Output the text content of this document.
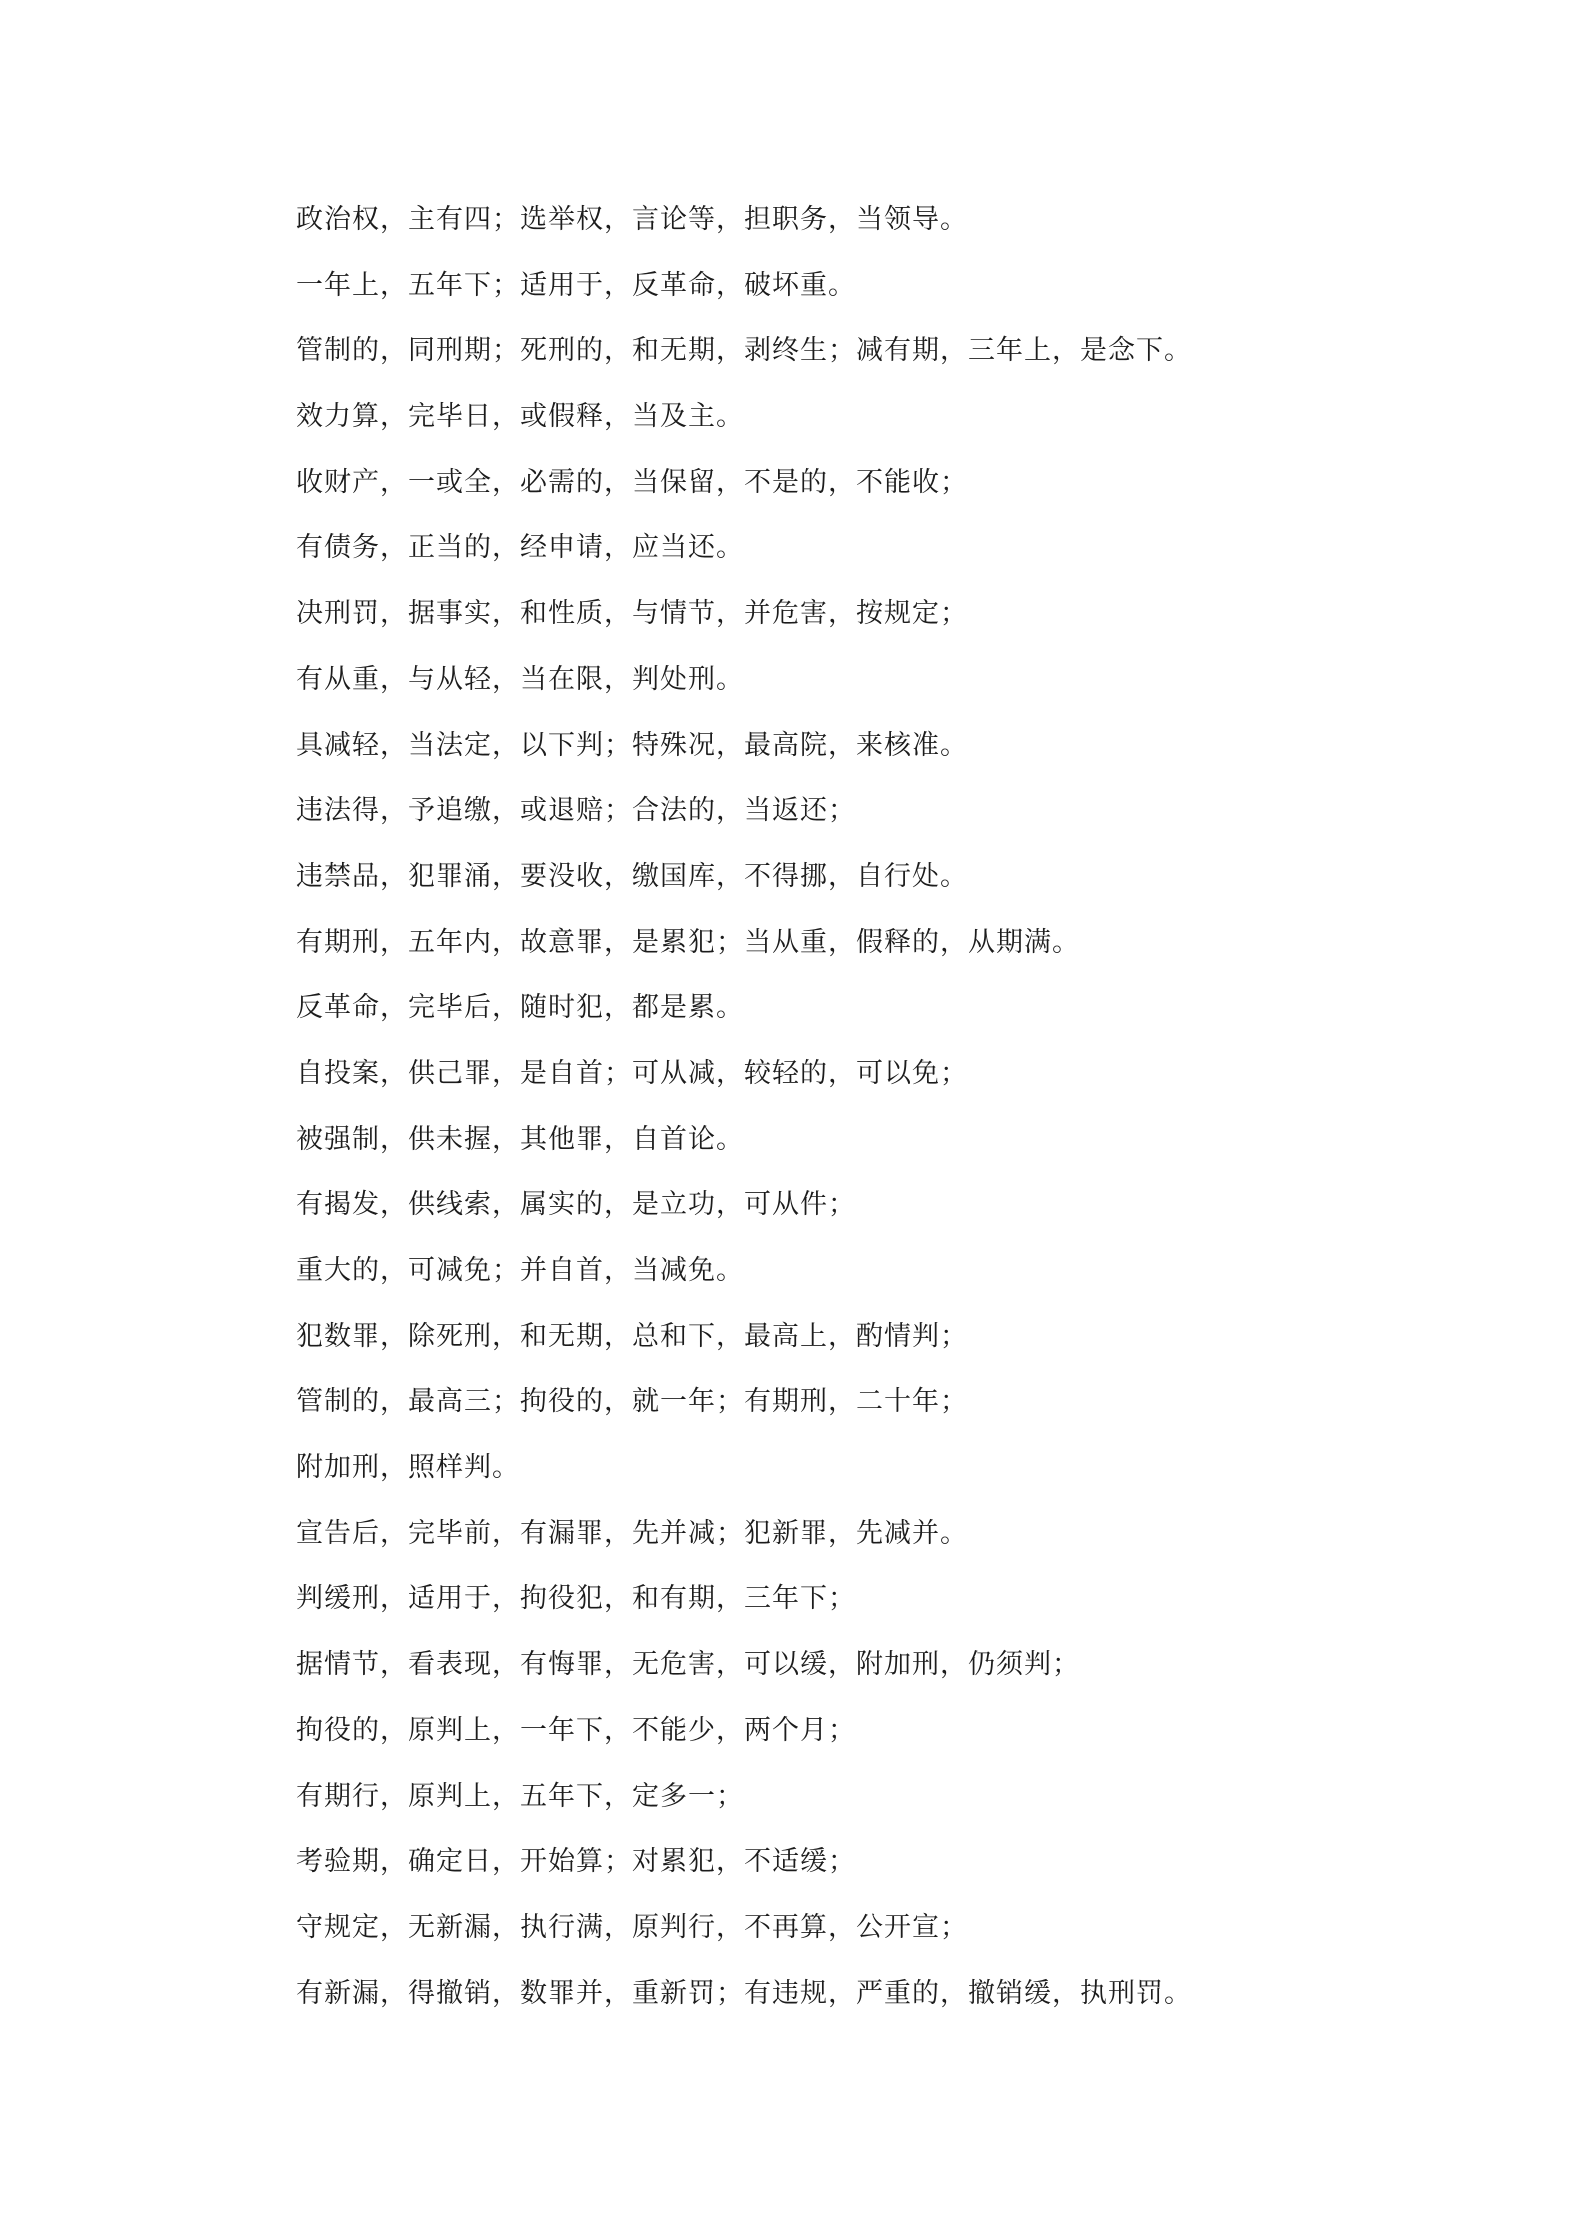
政治权，主有四；选举权，言论等，担职务，当领导。
一年上，五年下；适用于，反革命，破坏重。
管制的，同刑期；死刑的，和无期，剥终生；减有期，三年上，是念下。
效力算，完毕日，或假释，当及主。
收财产，一或全，必需的，当保留，不是的，不能收；
有债务，正当的，经申请，应当还。
决刑罚，据事实，和性质，与情节，并危害，按规定；
有从重，与从轻，当在限，判处刑。
具减轻，当法定，以下判；特殊况，最高院，来核准。
违法得，予追缴，或退赔；合法的，当返还；
违禁品，犯罪涌，要没收，缴国库，不得挪，自行处。
有期刑，五年内，故意罪，是累犯；当从重，假释的，从期满。
反革命，完毕后，随时犯，都是累。
自投案，供己罪，是自首；可从减，较轻的，可以免；
被强制，供未握，其他罪，自首论。
有揭发，供线索，属实的，是立功，可从件；
重大的，可减免；并自首，当减免。
犯数罪，除死刑，和无期，总和下，最高上，酌情判；
管制的，最高三；拘役的，就一年；有期刑，二十年；
附加刑，照样判。
宣告后，完毕前，有漏罪，先并减；犯新罪，先减并。
判缓刑，适用于，拘役犯，和有期，三年下；
据情节，看表现，有悔罪，无危害，可以缓，附加刑，仍须判；
拘役的，原判上，一年下，不能少，两个月；
有期行，原判上，五年下，定多一；
考验期，确定日，开始算；对累犯，不适缓；
守规定，无新漏，执行满，原判行，不再算，公开宣；
有新漏，得撤销，数罪并，重新罚；有违规，严重的，撤销缓，执刑罚。
